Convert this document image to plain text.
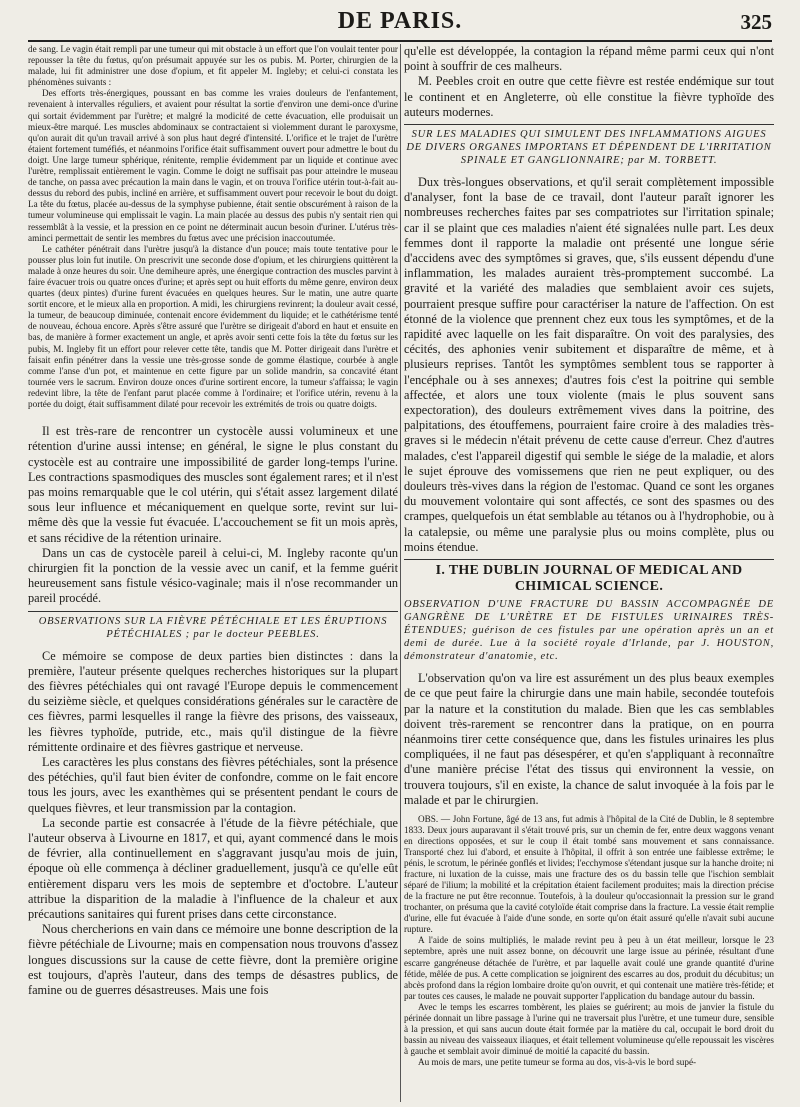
DE PARIS.	325

de sang. Le vagin était rempli par une tumeur qui mit obstacle à un effort que l'on voulait tenter pour repousser la tête du fœtus, qu'on présumait appuyée sur les os pubis. M. Porter, chirurgien de la malade, lui fit administrer une dose d'opium, et fit appeler M. Ingleby; et celui-ci constata les phénomènes suivants :

Des efforts très-énergiques, poussant en bas comme les vraies douleurs de l'enfantement, revenaient à intervalles réguliers, et avaient pour résultat la sortie d'environ une demi-once d'urine qui sortait évidemment par l'urètre; et malgré la modicité de cette évacuation, elle produisait un mieux-être marqué. Les muscles abdominaux se contractaient si violemment durant le paroxysme, qu'on aurait dit qu'un travail arrivé à son plus haut degré d'intensité. L'orifice et le trajet de l'urètre étaient fortement tuméfiés, et néanmoins l'orifice était suffisamment ouvert pour admettre le bout du doigt. Une large tumeur sphérique, rénitente, remplie évidemment par un liquide et continue avec l'urètre, remplissait entièrement le vagin. Comme le doigt ne suffisait pas pour atteindre le museau de tanche, on passa avec précaution la main dans le vagin, et on trouva l'orifice utérin tout-à-fait au-dessus du rebord des pubis, incliné en arrière, et suffisamment ouvert pour recevoir le bout du doigt. La tête du fœtus, placée au-dessus de la symphyse pubienne, était sentie obscurément à raison de la tumeur volumineuse qui emplissait le vagin. La main placée au dessus des pubis n'y sentait rien qui ressemblât à la vessie, et la pression en ce point ne déterminait aucun besoin d'uriner. L'utérus très-aminci permettait de sentir les membres du fœtus avec une précision inaccoutumée.

Le cathéter pénétrait dans l'urètre jusqu'à la distance d'un pouce; mais toute tentative pour le pousser plus loin fut inutile. On prescrivit une seconde dose d'opium, et les chirurgiens quittèrent la malade à onze heures du soir. Une demiheure après, une énergique contraction des muscles parvint à faire évacuer trois ou quatre onces d'urine; et après sept ou huit efforts du même genre, environ deux quartes (deux pintes) d'urine furent évacuées en quelques heures. Sur le matin, une autre quarte sortit encore, et le mieux alla en proportion. A midi, les chirurgiens revinrent; la douleur avait cessé, la tumeur, de beaucoup diminuée, contenait encore évidemment du liquide; et le cathétérisme tenté de nouveau, échoua encore. Après s'être assuré que l'urètre se dirigeait d'abord en haut et ensuite en bas, de manière à former exactement un angle, et après avoir senti cette fois la tête du fœtus sur les pubis, M. Ingleby fit un effort pour relever cette tête, tandis que M. Potter dirigeait dans l'urètre et faisait enfin pénétrer dans la vessie une très-grosse sonde de gomme élastique, courbée à angle comme l'anse d'un pot, et maintenue en cette figure par un solide mandrin, sa concavité étant tournée vers le sacrum. Environ douze onces d'urine sortirent encore, la tumeur s'affaissa; le vagin redevint libre, la tête de l'enfant parut placée comme à l'ordinaire; et l'orifice utérin, revenu à la portée du doigt, était suffisamment dilaté pour recevoir les extrémités de trois ou quatre doigts.

Il est très-rare de rencontrer un cystocèle aussi volumineux et une rétention d'urine aussi intense; en général, le signe le plus constant du cystocèle est au contraire une impossibilité de garder long-temps l'urine. Les contractions spasmodiques des muscles sont également rares; et il n'est pas moins remarquable que le col utérin, qui s'était assez largement dilaté sous leur influence et mécaniquement en quelque sorte, revint sur lui-même dès que la vessie fut évacuée. L'accouchement se fit un mois après, et sans récidive de la rétention urinaire.

Dans un cas de cystocèle pareil à celui-ci, M. Ingleby raconte qu'un chirurgien fit la ponction de la vessie avec un canif, et la femme guérit heureusement sans fistule vésico-vaginale; mais il n'ose recommander un pareil procédé.

OBSERVATIONS SUR LA FIÈVRE PÉTÉCHIALE ET LES ÉRUPTIONS PÉTÉCHIALES ; par le docteur PEEBLES.

Ce mémoire se compose de deux parties bien distinctes : dans la première, l'auteur présente quelques recherches historiques sur la plupart des fièvres pétéchiales qui ont ravagé l'Europe depuis le commencement du seizième siècle, et quelques considérations générales sur le caractère de ces fièvres, parmi lesquelles il range la fièvre des prisons, des vaisseaux, les fièvres typhoïde, putride, etc., mais qu'il distingue de la fièvre rémittente ordinaire et des fièvres gastrique et nerveuse.

Les caractères les plus constans des fièvres pétéchiales, sont la présence des pétéchies, qu'il faut bien éviter de confondre, comme on le fait encore tous les jours, avec les exanthèmes qui se présentent pendant le cours de quelques fièvres, et leur transmission par la contagion.

La seconde partie est consacrée à l'étude de la fièvre pétéchiale, que l'auteur observa à Livourne en 1817, et qui, ayant commencé dans le mois de février, alla continuellement en s'aggravant jusqu'au mois de juin, époque où elle commença à décliner graduellement, jusqu'à ce qu'elle eût entièrement disparu vers les mois de septembre et d'octobre. L'auteur attribue la disparition de la maladie à l'influence de la chaleur et aux précautions sanitaires qui furent prises dans cette circonstance.

Nous chercherions en vain dans ce mémoire une bonne description de la fièvre pétéchiale de Livourne; mais en compensation nous trouvons d'assez longues discussions sur la cause de cette fièvre, dont la première origine est toujours, d'après l'auteur, dans des temps de désastres publics, de famine ou de guerres désastreuses. Mais une fois

qu'elle est développée, la contagion la répand même parmi ceux qui n'ont point à souffrir de ces malheurs.

M. Peebles croit en outre que cette fièvre est restée endémique sur tout le continent et en Angleterre, où elle constitue la fièvre typhoïde des auteurs modernes.

SUR LES MALADIES QUI SIMULENT DES INFLAMMATIONS AIGUES DE DIVERS ORGANES IMPORTANS ET DÉPENDENT DE L'IRRITATION SPINALE ET GANGLIONNAIRE; par M. TORBETT.

Dux très-longues observations, et qu'il serait complètement impossible d'analyser, font la base de ce travail, dont l'auteur paraît ignorer les nombreuses recherches faites par ses compatriotes sur l'irritation spinale; car il se plaint que ces maladies n'aient été signalées nulle part. Les deux femmes dont il rapporte la maladie ont présenté une longue série d'accidens avec des symptômes si graves, que, s'ils eussent dépendu d'une inflammation, les malades auraient très-promptement succombé. La gravité et la variété des maladies que semblaient avoir ces sujets, pourraient presque suffire pour caractériser la nature de l'affection. On est étonné de la violence que prennent chez eux tous les symptômes, et de la rapidité avec laquelle on les fait disparaître. On voit des paralysies, des cécités, des aphonies venir subitement et disparaître de même, et à plusieurs reprises. Tantôt les symptômes semblent tous se rapporter à l'encéphale ou à ses annexes; d'autres fois c'est la poitrine qui semble affectée, et alors une toux violente (mais le plus souvent sans expectoration), des douleurs extrêmement vives dans la poitrine, des palpitations, des étouffemens, pourraient faire croire à des maladies très-graves si le médecin n'était prévenu de cette cause d'erreur. Chez d'autres malades, c'est l'appareil digestif qui semble le siége de la maladie, et alors le sujet éprouve des vomissemens que rien ne peut expliquer, ou des douleurs très-vives dans la région de l'estomac. Quand ce sont les organes du mouvement volontaire qui sont affectés, ce sont des spasmes ou des crampes, quelquefois un état semblable au tétanos ou à l'hydrophobie, ou à la catalepsie, ou même une paralysie plus ou moins complète, plus ou moins étendue.

I. THE DUBLIN JOURNAL OF MEDICAL AND CHIMICAL SCIENCE.
OBSERVATION D'UNE FRACTURE DU BASSIN ACCOMPAGNÉE DE GANGRÈNE DE L'URÈTRE ET DE FISTULES URINAIRES TRÈS-ÉTENDUES; guérison de ces fistules par une opération après un an et demi de durée. Lue à la société royale d'Irlande, par J. HOUSTON, démonstrateur d'anatomie, etc.

L'observation qu'on va lire est assurément un des plus beaux exemples de ce que peut faire la chirurgie dans une main habile, secondée toutefois par la nature et la constitution du malade. Bien que les cas semblables doivent très-rarement se rencontrer dans la pratique, on en pourra néanmoins tirer cette conséquence que, dans les fistules urinaires les plus compliquées, il ne faut pas désespérer, et qu'en s'appliquant à reconnaître d'une manière précise l'état des tissus qui environnent la vessie, on trouvera toujours, s'il en existe, la chance de salut invoquée à la fois par le malade et par le chirurgien.

OBS. — John Fortune, âgé de 13 ans, fut admis à l'hôpital de la Cité de Dublin, le 8 septembre 1833. Deux jours auparavant il s'était trouvé pris, sur un chemin de fer, entre deux waggons venant en directions opposées, et sur le coup il était tombé sans mouvement et sans connaissance. Transporté chez lui d'abord, et ensuite à l'hôpital, il offrit à son entrée une faiblesse extrême; le pénis, le scrotum, le périnée gonflés et livides; l'ecchymose s'étendant jusque sur la hanche droite; ni fracture, ni luxation de la cuisse, mais une fracture des os du bassin telle que l'ischion semblait séparé de l'ilium; la mobilité et la crépitation étaient facilement produites; mais la direction précise de la fracture ne put être reconnue. Toutefois, à la douleur qu'occasionnait la pression sur le grand trochanter, on présuma que la cavité cotyloïde était comprise dans la fracture. La vessie était remplie d'urine, elle fut évacuée à l'aide d'une sonde, en sorte qu'on était assuré qu'elle n'avait subi aucune rupture.

A l'aide de soins multipliés, le malade revint peu à peu à un état meilleur, lorsque le 23 septembre, après une nuit assez bonne, on découvrit une large issue au périnée, résultant d'une escarre gangréneuse détachée de l'urètre, et par laquelle avait coulé une grande quantité d'urine fétide, mêlée de pus. A cette complication se joignirent des escarres au dos, produit du décubitus; un abcès profond dans la région lombaire droite qu'on ouvrit, et qui contenait une matière très-fétide; et par toutes ces causes, le malade ne pouvait supporter l'application du bandage autour du bassin.

Avec le temps les escarres tombèrent, les plaies se guérirent; au mois de janvier la fistule du périnée donnait un libre passage à l'urine qui ne traversait plus l'urètre, et une tumeur dure, sensible à la pression, et qui sans aucun doute était formée par la matière du cal, occupait le bord droit du bassin au niveau des vaisseaux iliaques, et était tellement volumineuse qu'elle repoussait les viscères à gauche et semblait avoir diminué de moitié la capacité du bassin.

Au mois de mars, une petite tumeur se forma au dos, vis-à-vis le bord supé-
